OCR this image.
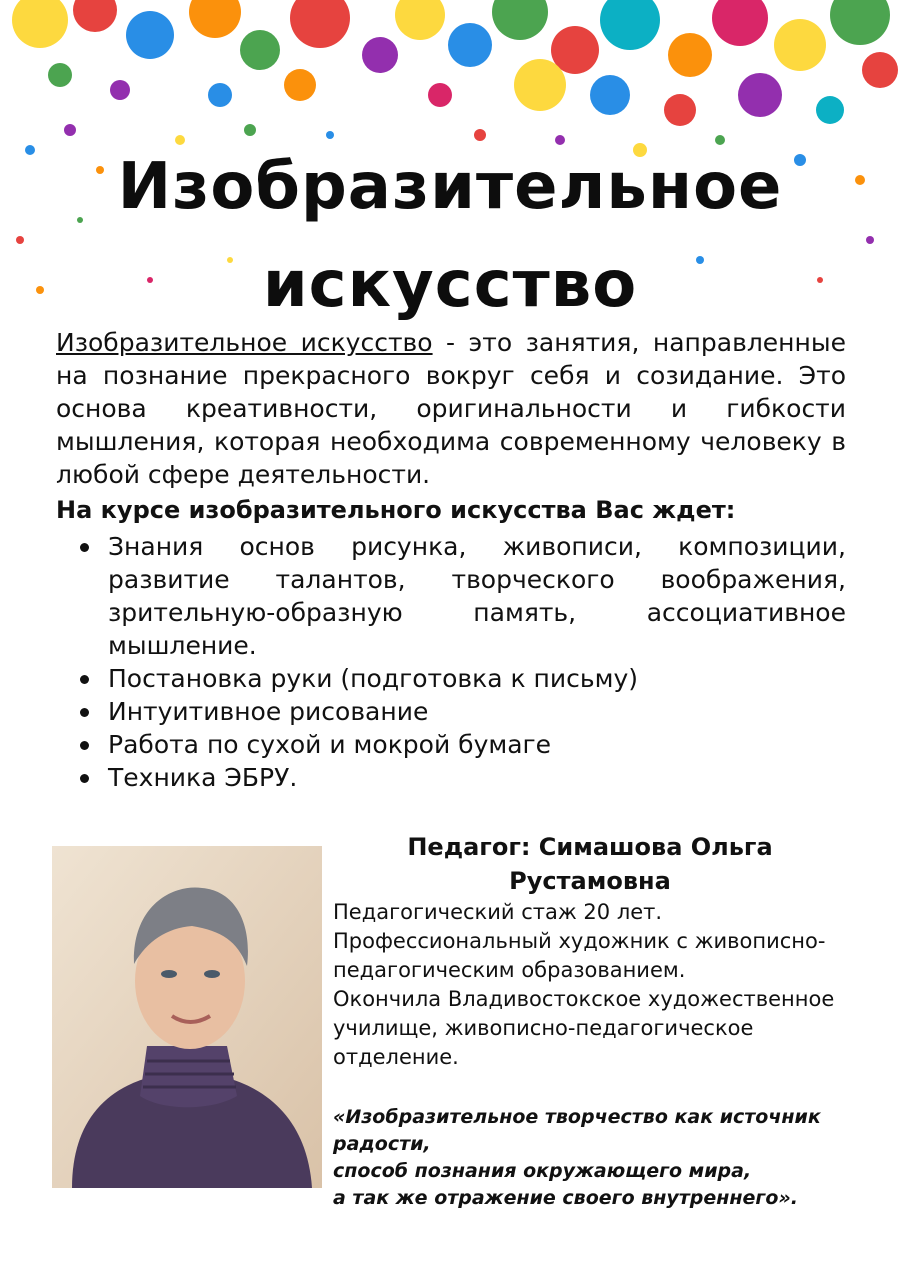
Изобразительное
искусство
Изобразительное искусство - это занятия, направленные на познание прекрасного вокруг себя и созидание. Это основа креативности, оригинальности и гибкости мышления, которая необходима современному человеку в любой сфере деятельности.
На курсе изобразительного искусства Вас ждет:
Знания основ рисунка, живописи, композиции, развитие талантов, творческого воображения, зрительную-образную память, ассоциативное мышление.
Постановка руки (подготовка к письму)
Интуитивное рисование
Работа по сухой и мокрой бумаге
Техника ЭБРУ.
Педагог: Симашова Ольга Рустамовна
Педагогический стаж 20 лет.
Профессиональный художник с живописно-педагогическим образованием.
Окончила Владивостокское художественное училище, живописно-педагогическое отделение.
«Изобразительное творчество как источник радости,
способ познания окружающего мира,
а так же отражение своего внутреннего».
